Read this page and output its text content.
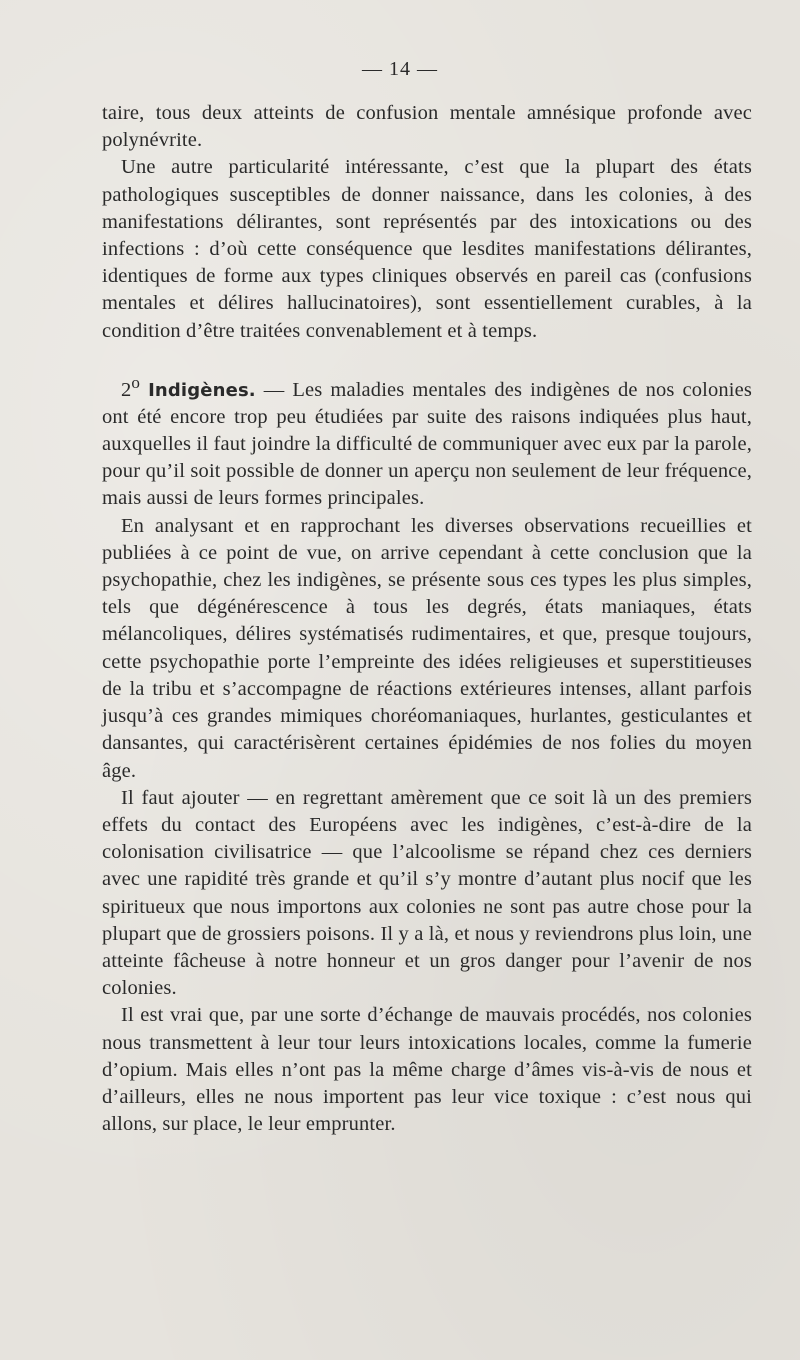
— 14 —

taire, tous deux atteints de confusion mentale amnésique profonde avec polynévrite.

Une autre particularité intéressante, c’est que la plupart des états pathologiques susceptibles de donner naissance, dans les colonies, à des manifestations délirantes, sont représentés par des intoxications ou des infections : d’où cette conséquence que lesdites manifestations délirantes, identiques de forme aux types cliniques observés en pareil cas (confusions mentales et délires hallucinatoires), sont essentiellement curables, à la condition d’être traitées convenablement et à temps.

2$^o$ Indigènes. — Les maladies mentales des indigènes de nos colonies ont été encore trop peu étudiées par suite des raisons indiquées plus haut, auxquelles il faut joindre la difficulté de communiquer avec eux par la parole, pour qu’il soit possible de donner un aperçu non seulement de leur fréquence, mais aussi de leurs formes principales.

En analysant et en rapprochant les diverses observations recueillies et publiées à ce point de vue, on arrive cependant à cette conclusion que la psychopathie, chez les indigènes, se présente sous ces types les plus simples, tels que dégénérescence à tous les degrés, états maniaques, états mélancoliques, délires systématisés rudimentaires, et que, presque toujours, cette psychopathie porte l’empreinte des idées religieuses et superstitieuses de la tribu et s’accompagne de réactions extérieures intenses, allant parfois jusqu’à ces grandes mimiques choréomaniaques, hurlantes, gesticulantes et dansantes, qui caractérisèrent certaines épidémies de nos folies du moyen âge.

Il faut ajouter — en regrettant amèrement que ce soit là un des premiers effets du contact des Européens avec les indigènes, c’est-à-dire de la colonisation civilisatrice — que l’alcoolisme se répand chez ces derniers avec une rapidité très grande et qu’il s’y montre d’autant plus nocif que les spiritueux que nous importons aux colonies ne sont pas autre chose pour la plupart que de grossiers poisons. Il y a là, et nous y reviendrons plus loin, une atteinte fâcheuse à notre honneur et un gros danger pour l’avenir de nos colonies.

Il est vrai que, par une sorte d’échange de mauvais procédés, nos colonies nous transmettent à leur tour leurs intoxications locales, comme la fumerie d’opium. Mais elles n’ont pas la même charge d’âmes vis-à-vis de nous et d’ailleurs, elles ne nous importent pas leur vice toxique : c’est nous qui allons, sur place, le leur emprunter.
